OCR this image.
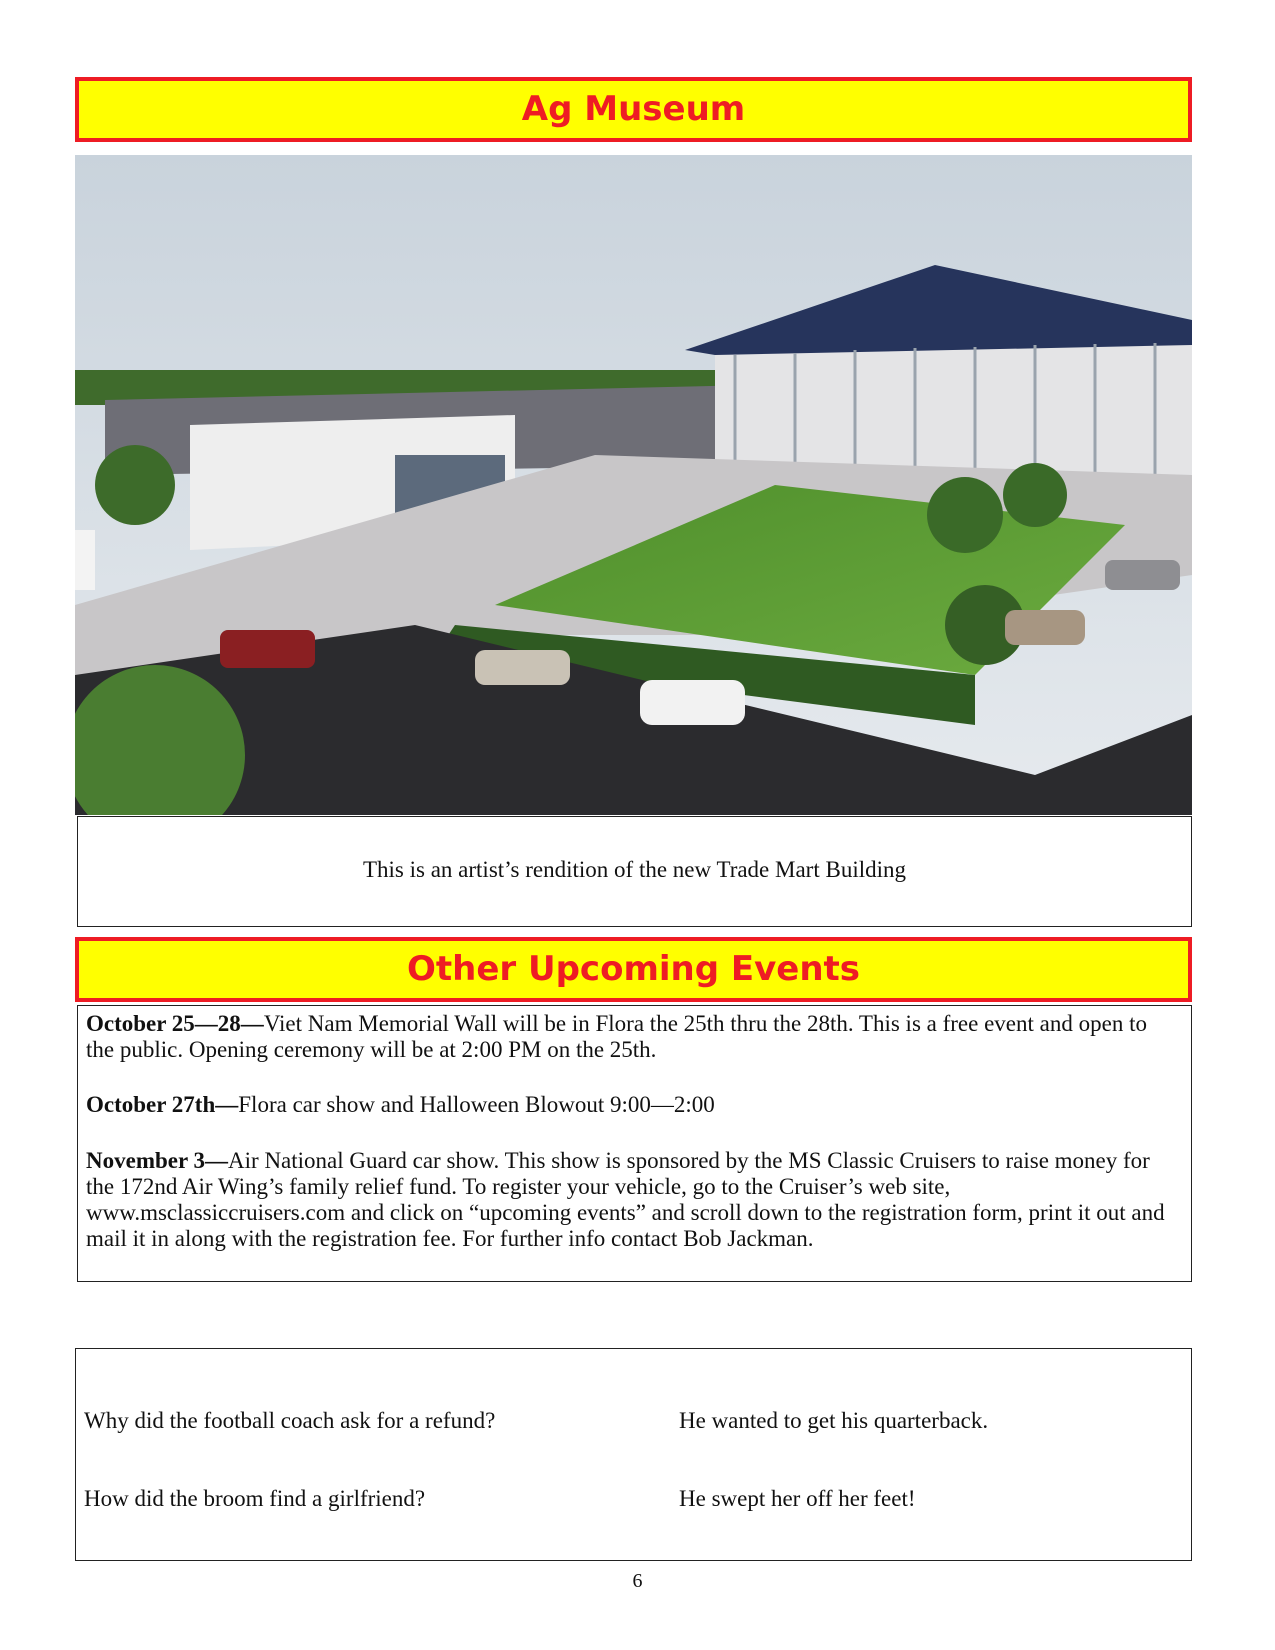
Ag Museum
This is an artist’s rendition of the new Trade Mart Building
Other Upcoming Events
October 25—28—Viet Nam Memorial Wall will be in Flora the 25th thru the 28th. This is a free event and open to the public. Opening ceremony will be at 2:00 PM on the 25th.
October 27th—Flora car show and Halloween Blowout 9:00—2:00
November 3—Air National Guard car show. This show is sponsored by the MS Classic Cruisers to raise money for the 172nd Air Wing’s family relief fund. To register your vehicle, go to the Cruiser’s web site, www.msclassiccruisers.com and click on “upcoming events” and scroll down to the registration form, print it out and mail it in along with the registration fee. For further info contact Bob Jackman.
Why did the football coach ask for a refund?	He wanted to get his quarterback.
How did the broom find a girlfriend?	He swept her off her feet!
6
